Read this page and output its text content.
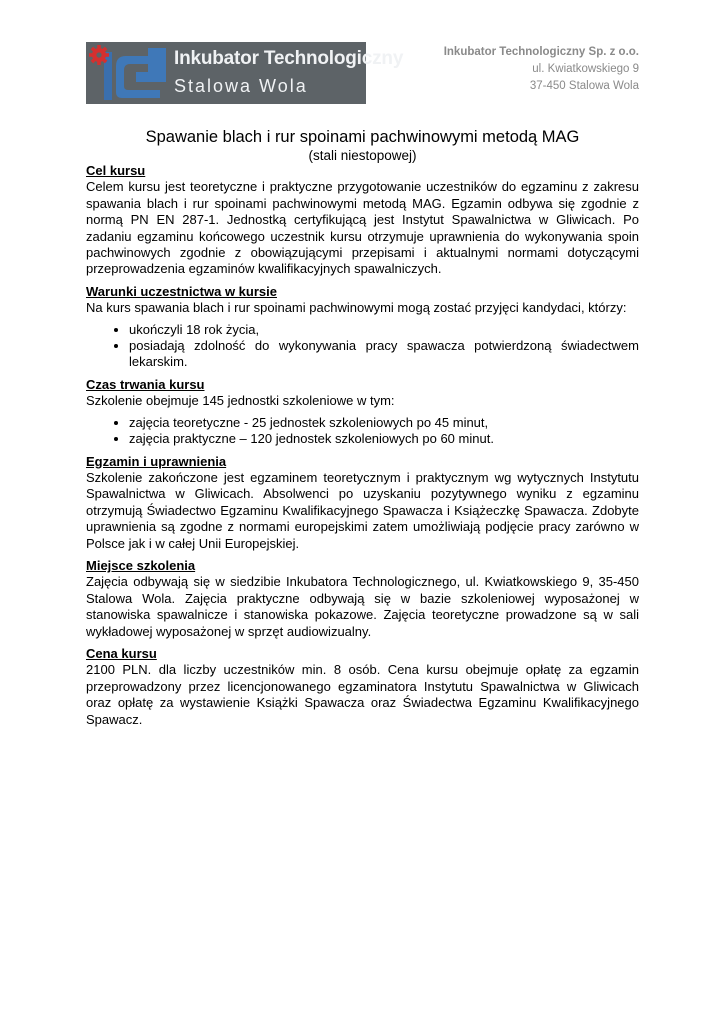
Inkubator Technologiczny
Stalowa Wola
Inkubator Technologiczny Sp. z o.o.
ul. Kwiatkowskiego 9
37-450 Stalowa Wola
Spawanie blach i rur spoinami pachwinowymi metodą MAG
(stali niestopowej)
Cel kursu

Celem kursu jest teoretyczne i praktyczne przygotowanie uczestników do egzaminu z zakresu spawania blach i rur spoinami pachwinowymi metodą MAG. Egzamin odbywa się zgodnie z normą PN EN 287-1. Jednostką certyfikującą jest Instytut Spawalnictwa w Gliwicach. Po zadaniu egzaminu końcowego uczestnik kursu otrzymuje uprawnienia do wykonywania spoin pachwinowych zgodnie z obowiązującymi przepisami i aktualnymi normami dotyczącymi przeprowadzenia egzaminów kwalifikacyjnych spawalniczych.

Warunki uczestnictwa w kursie

Na kurs spawania blach i rur spoinami pachwinowymi mogą zostać przyjęci kandydaci, którzy:

• ukończyli 18 rok życia,
• posiadają zdolność do wykonywania pracy spawacza potwierdzoną świadectwem lekarskim.
Czas trwania kursu

Szkolenie obejmuje 145 jednostki szkoleniowe w tym:

• zajęcia teoretyczne - 25 jednostek szkoleniowych po 45 minut,
• zajęcia praktyczne – 120 jednostek szkoleniowych po 60 minut.
Egzamin i uprawnienia

Szkolenie zakończone jest egzaminem teoretycznym i praktycznym wg wytycznych Instytutu Spawalnictwa w Gliwicach. Absolwenci po uzyskaniu pozytywnego wyniku z egzaminu otrzymują Świadectwo Egzaminu Kwalifikacyjnego Spawacza i Książeczkę Spawacza. Zdobyte uprawnienia są zgodne z normami europejskimi zatem umożliwiają podjęcie pracy zarówno w Polsce jak i w całej Unii Europejskiej.

Miejsce szkolenia

Zajęcia odbywają się w siedzibie Inkubatora Technologicznego, ul. Kwiatkowskiego 9, 35-450 Stalowa Wola. Zajęcia praktyczne odbywają się w bazie szkoleniowej wyposażonej w stanowiska spawalnicze i stanowiska pokazowe. Zajęcia teoretyczne prowadzone są w sali wykładowej wyposażonej w sprzęt audiowizualny.

Cena kursu

2100 PLN. dla liczby uczestników min. 8 osób. Cena kursu obejmuje opłatę za egzamin przeprowadzony przez licencjonowanego egzaminatora Instytutu Spawalnictwa w Gliwicach oraz opłatę za wystawienie Książki Spawacza oraz Świadectwa Egzaminu Kwalifikacyjnego Spawacz.
